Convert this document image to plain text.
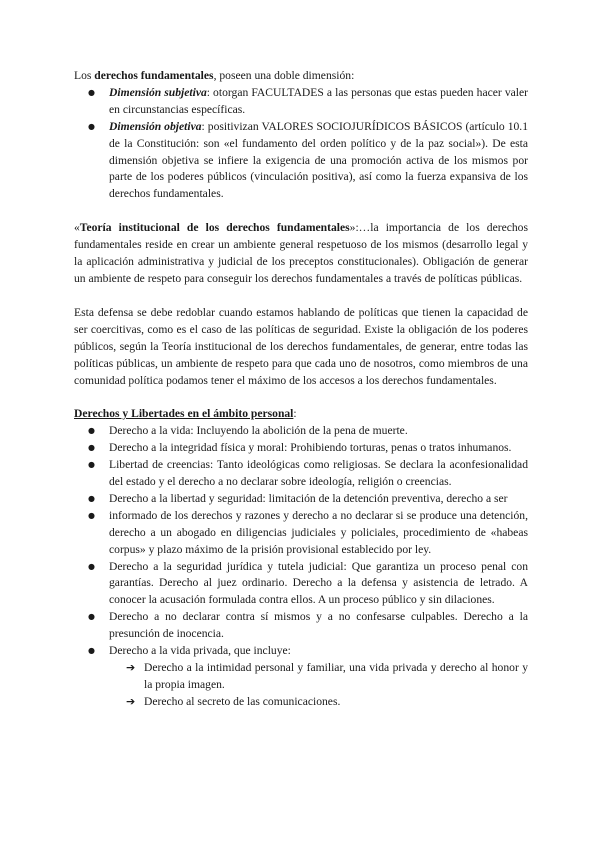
Los derechos fundamentales, poseen una doble dimensión:

● Dimensión subjetiva: otorgan FACULTADES a las personas que estas pueden hacer valer en circunstancias específicas.
● Dimensión objetiva: positivizan VALORES SOCIOJURÍDICOS BÁSICOS (artículo 10.1 de la Constitución: son «el fundamento del orden político y de la paz social»). De esta dimensión objetiva se infiere la exigencia de una promoción activa de los mismos por parte de los poderes públicos (vinculación positiva), así como la fuerza expansiva de los derechos fundamentales.

«Teoría institucional de los derechos fundamentales»:…la importancia de los derechos fundamentales reside en crear un ambiente general respetuoso de los mismos (desarrollo legal y la aplicación administrativa y judicial de los preceptos constitucionales). Obligación de generar un ambiente de respeto para conseguir los derechos fundamentales a través de políticas públicas.

Esta defensa se debe redoblar cuando estamos hablando de políticas que tienen la capacidad de ser coercitivas, como es el caso de las políticas de seguridad. Existe la obligación de los poderes públicos, según la Teoría institucional de los derechos fundamentales, de generar, entre todas las políticas públicas, un ambiente de respeto para que cada uno de nosotros, como miembros de una comunidad política podamos tener el máximo de los accesos a los derechos fundamentales.

Derechos y Libertades en el ámbito personal:

● Derecho a la vida: Incluyendo la abolición de la pena de muerte.
● Derecho a la integridad física y moral: Prohibiendo torturas, penas o tratos inhumanos.
● Libertad de creencias: Tanto ideológicas como religiosas. Se declara la aconfesionalidad del estado y el derecho a no declarar sobre ideología, religión o creencias.
● Derecho a la libertad y seguridad: limitación de la detención preventiva, derecho a ser
● informado de los derechos y razones y derecho a no declarar si se produce una detención, derecho a un abogado en diligencias judiciales y policiales, procedimiento de «habeas corpus» y plazo máximo de la prisión provisional establecido por ley.
● Derecho a la seguridad jurídica y tutela judicial: Que garantiza un proceso penal con garantías. Derecho al juez ordinario. Derecho a la defensa y asistencia de letrado. A conocer la acusación formulada contra ellos. A un proceso público y sin dilaciones.
● Derecho a no declarar contra sí mismos y a no confesarse culpables. Derecho a la presunción de inocencia.
● Derecho a la vida privada, que incluye:
➔ Derecho a la intimidad personal y familiar, una vida privada y derecho al honor y la propia imagen.
➔ Derecho al secreto de las comunicaciones.
